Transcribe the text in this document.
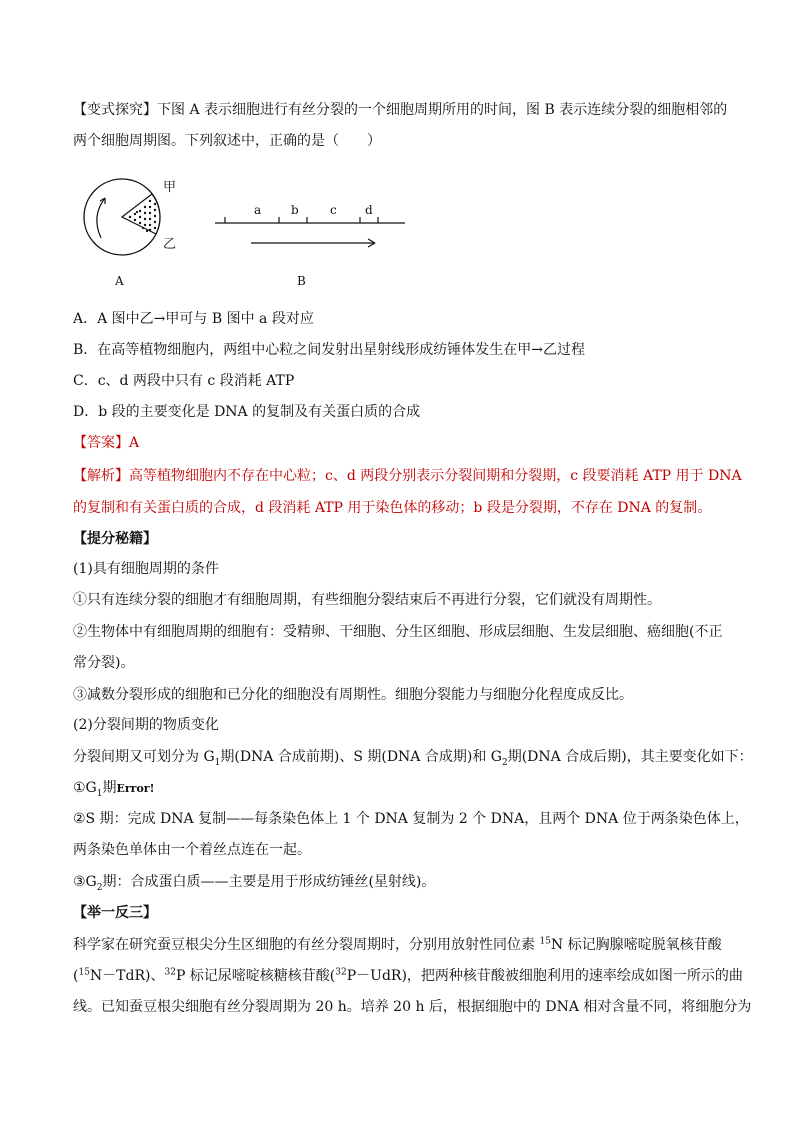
【变式探究】下图 A 表示细胞进行有丝分裂的一个细胞周期所用的时间，图 B 表示连续分裂的细胞相邻的
两个细胞周期图。下列叙述中，正确的是（　　）
甲
乙
A
a b	c d
B
A．A 图中乙→甲可与 B 图中 a 段对应
B．在高等植物细胞内，两组中心粒之间发射出星射线形成纺锤体发生在甲→乙过程
C．c、d 两段中只有 c 段消耗 ATP
D．b 段的主要变化是 DNA 的复制及有关蛋白质的合成
【答案】A
【解析】高等植物细胞内不存在中心粒；c、d 两段分别表示分裂间期和分裂期，c 段要消耗 ATP 用于 DNA
的复制和有关蛋白质的合成，d 段消耗 ATP 用于染色体的移动；b 段是分裂期，不存在 DNA 的复制。
【提分秘籍】
(1)具有细胞周期的条件
①只有连续分裂的细胞才有细胞周期，有些细胞分裂结束后不再进行分裂，它们就没有周期性。
②生物体中有细胞周期的细胞有：受精卵、干细胞、分生区细胞、形成层细胞、生发层细胞、癌细胞(不正
常分裂)。
③减数分裂形成的细胞和已分化的细胞没有周期性。细胞分裂能力与细胞分化程度成反比。
(2)分裂间期的物质变化
分裂间期又可划分为 $G_1$期(DNA 合成前期)、S 期(DNA 合成期)和 $G_2$期(DNA 合成后期)，其主要变化如下：
$①G_1$期Error!
②S 期：完成 DNA 复制——每条染色体上 1 个 DNA 复制为 2 个 DNA，且两个 DNA 位于两条染色体上，
两条染色单体由一个着丝点连在一起。
$③G_2$期：合成蛋白质——主要是用于形成纺锤丝(星射线)。
【举一反三】
科学家在研究蚕豆根尖分生区细胞的有丝分裂周期时，分别用放射性同位素 $^{15}$N 标记胸腺嘧啶脱氧核苷酸
($^{15}$N－TdR)、$^{32}$P 标记尿嘧啶核糖核苷酸($^{32}$P－UdR)，把两种核苷酸被细胞利用的速率绘成如图一所示的曲
线。已知蚕豆根尖细胞有丝分裂周期为 20 h。培养 20 h 后，根据细胞中的 DNA 相对含量不同，将细胞分为
